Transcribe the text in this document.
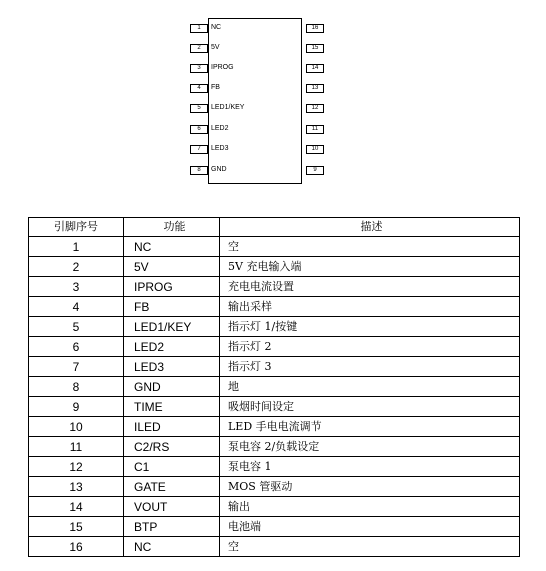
1	NC
2	5V
3	IPROG
4	FB
5	LED1/KEY
6	LED2
7	LED3
8	GND
16
15
14
13
12
11
10
9
引脚序号	功能	描述
1	NC	空
2	5V	5V 充电输入端
3	IPROG	充电电流设置
4	FB	输出采样
5	LED1/KEY	指示灯 1/按键
6	LED2	指示灯 2
7	LED3	指示灯 3
8	GND	地
9	TIME	吸烟时间设定
10	ILED	LED 手电电流调节
11	C2/RS	泵电容 2/负载设定
12	C1	泵电容 1
13	GATE	MOS 管驱动
14	VOUT	输出
15	BTP	电池端
16	NC	空
